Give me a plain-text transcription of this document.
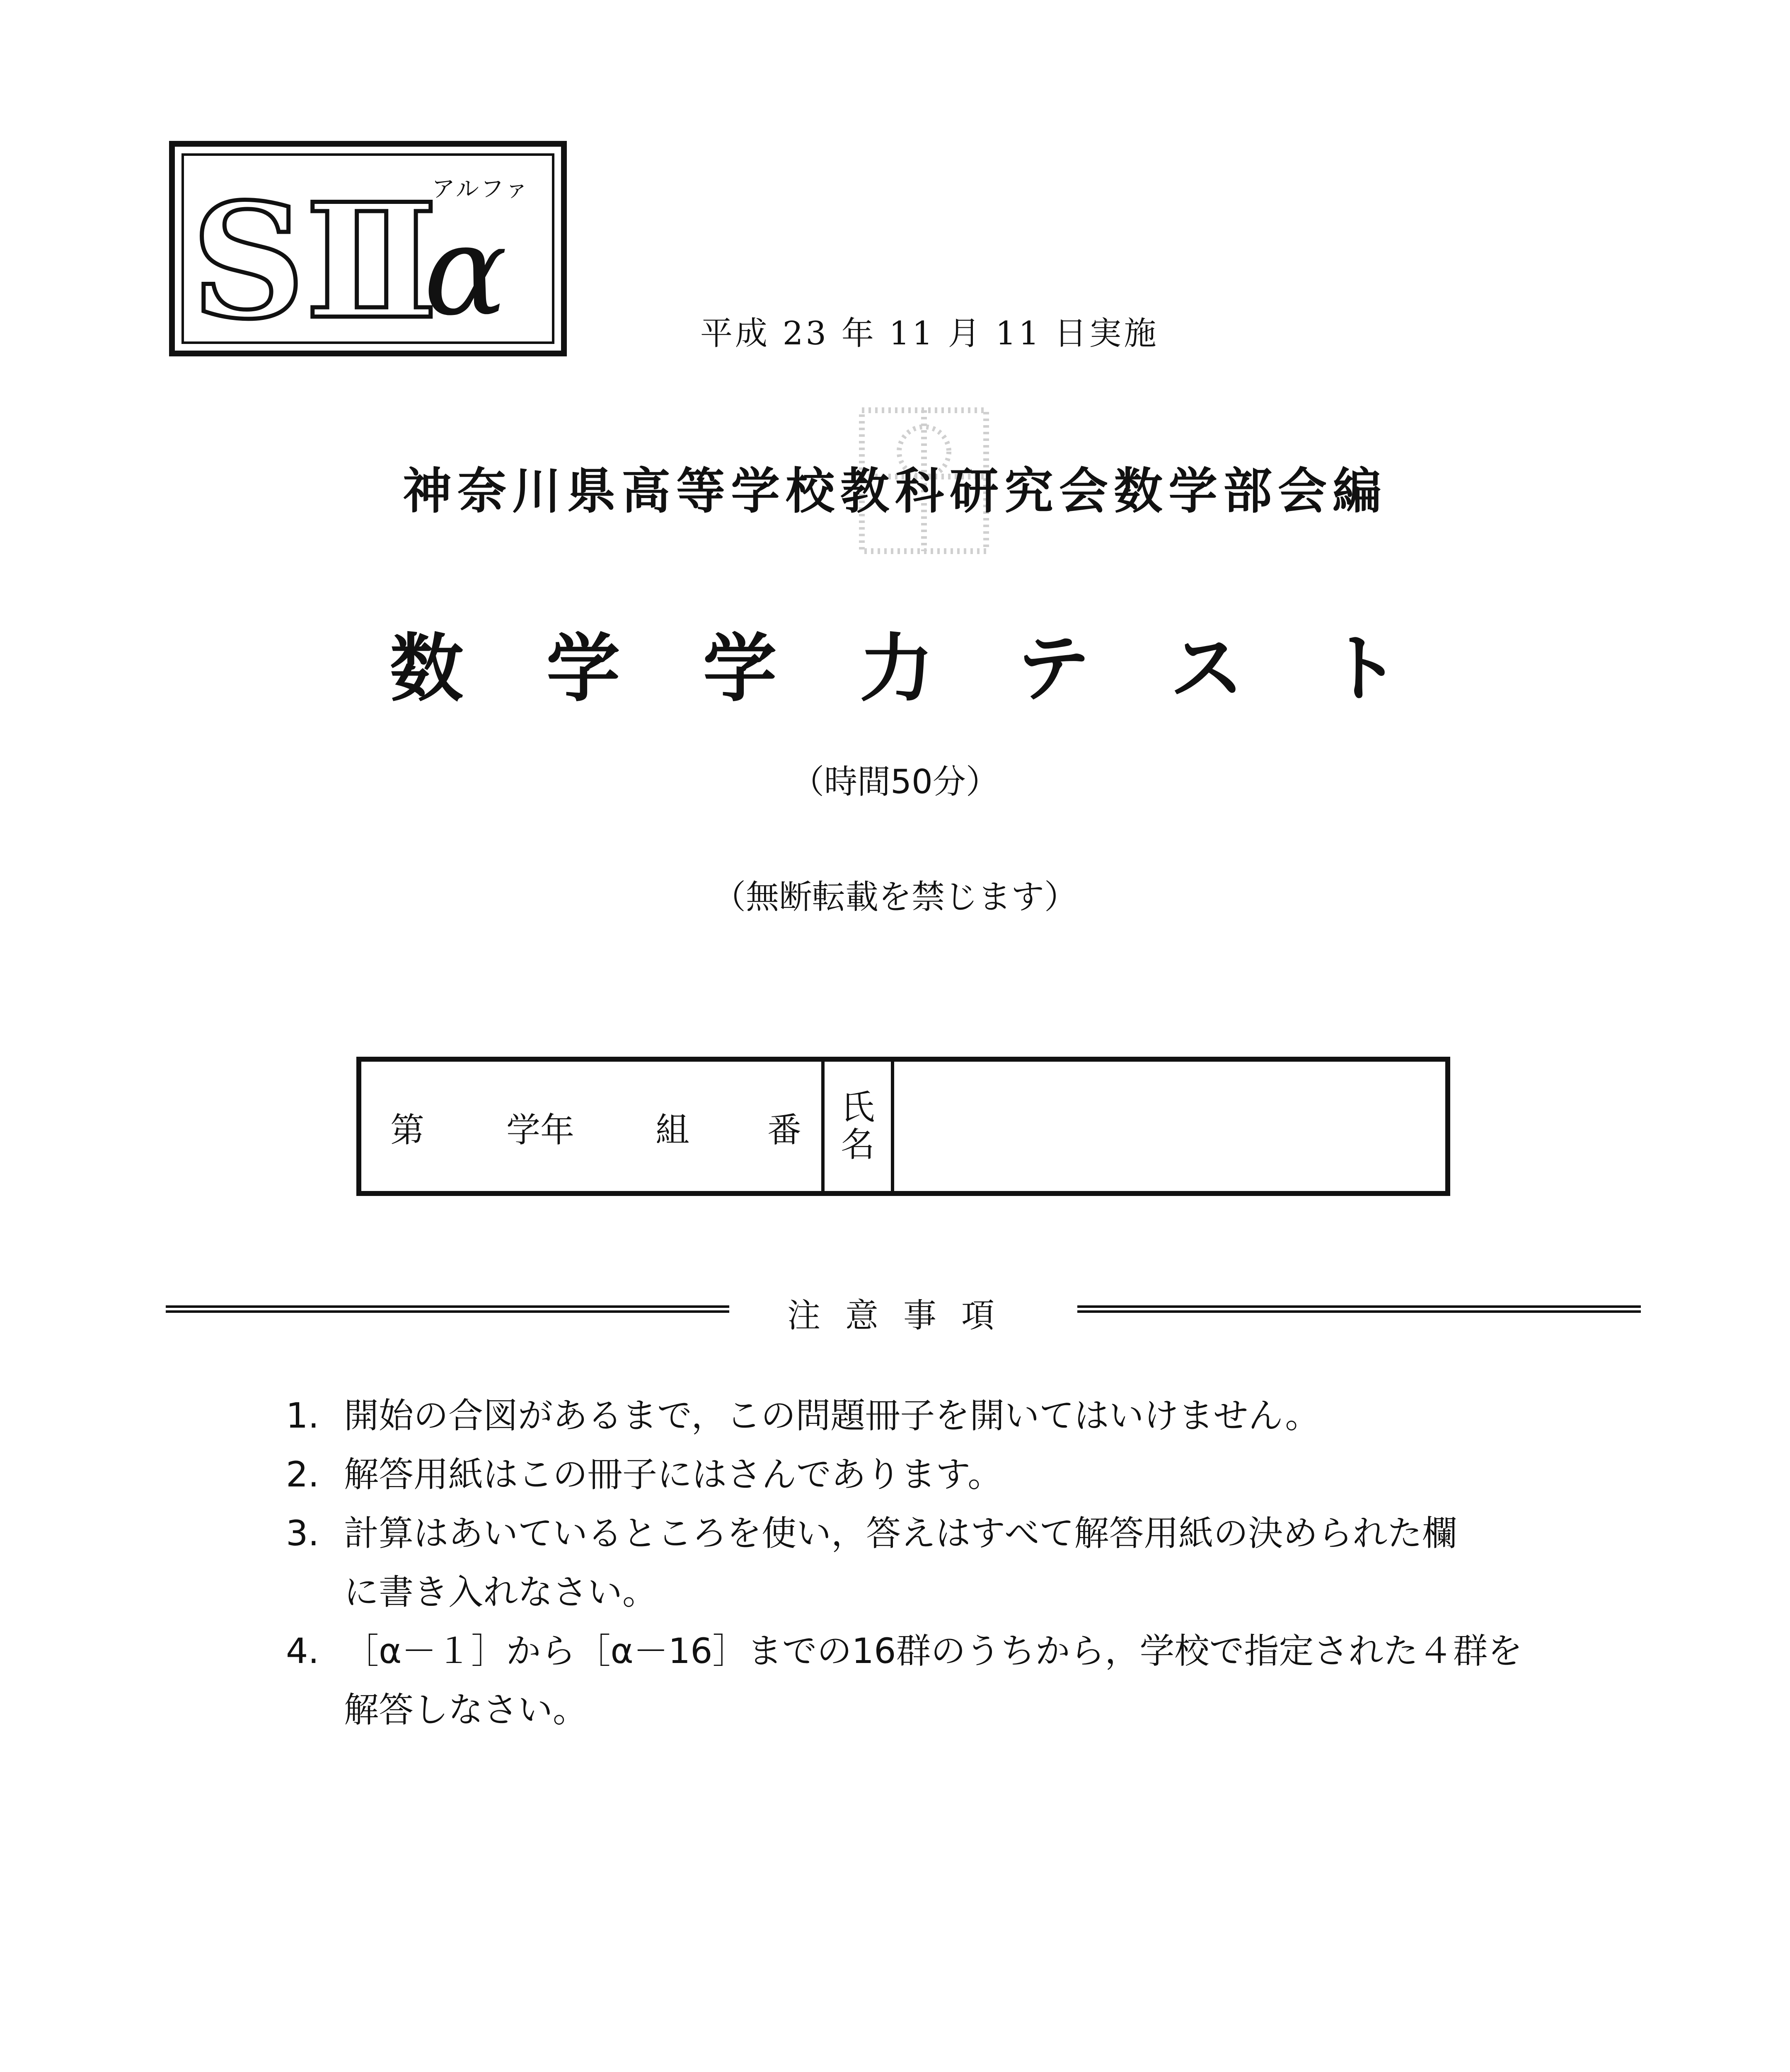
SⅡ
アルファ
α	平成 23 年 11 月 11 日実施
神奈川県高等学校教科研究会数学部会編
数学学力テスト
（時間50分）
（無断転載を禁じます）
第 学年 組 番
氏
名
注意事項
1. 開始の合図があるまで，この問題冊子を開いてはいけません。
2. 解答用紙はこの冊子にはさんであります。
3. 計算はあいているところを使い，答えはすべて解答用紙の決められた欄
に書き入れなさい。
4. ［α－１］から［α－16］までの16群のうちから，学校で指定された４群を
解答しなさい。
